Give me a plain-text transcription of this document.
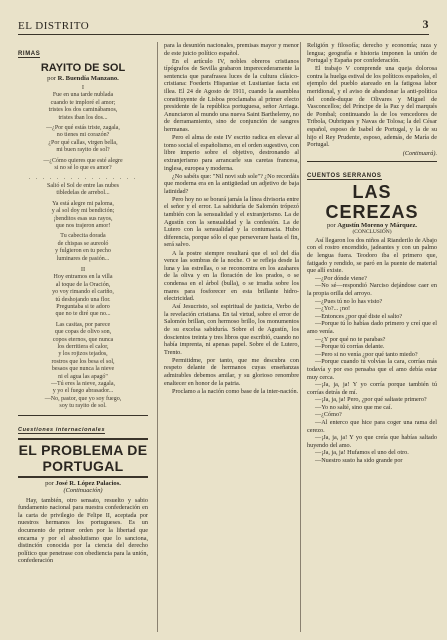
EL DISTRITO	3
RIMAS
RAYITO DE SOL
por R. Buendía Manzano.
I
Fue en una tarde nublada
cuando te imploré el amor;
tristes los dos caminábamos,
tristes iban los dos...
—¿Por qué estás triste, zagala,
no tienes mi corazón?
¿Por qué callas, virgen bella,
mi buen rayito de sol?
—¿Cómo quieres que esté alegre
si no sé lo que es amor?
. . . . . . . . . . . . . . . .
Salió el Sol de entre las nubes
tibledelas de arrebol...
Ya está alegre mi paloma,
y al sol doy mi bendición;
¡benditos esas sus rayos,
que nos trajeron amor!
Tu cabecita dorada
de chispas se aureoló
y fulgieron en tu pecho
luminares de pasión...
II
Hoy entramos en la villa
al toque de la Oración,
yo voy rimando el cariño,
tú deshojando una flor.
Preguntaba si te adoro
que no te diré que no...
Las casitas, por parece
que copas de olivo son,
copos eternos, que nunca
los derritiera el calor,
y los rojizos tejados,
rostros que los besa el sol,
besaos que nunca la nieve
ni el agua las apagó"
—Tú eres la nieve, zagala,
y yo el fuego abrasador...
—No, pastor, que yo soy fuego,
soy tu rayito de sol.
Cuestiones internacionales
EL PROBLEMA DE PORTUGAL
por José R. López Palacios.
(Continuación)

Hay, también, otro sensato, resuelto y sabio fundamento nacional para nuestra confederación en la carta de privilegio de Felipe II, aceptada por nuestros hermanos los portugueses. Es un documento de primer orden por la libertad que encarna y por el absolutismo que lo sanciona, distinción conocida por la ciencia del derecho político que penetrase con obediencia para la unión, confederación

para la desunión nacionales, premisas mayor y menor de este juicio político español.

En el artículo IV, nobles obreros cristianos típógrafos de Sevilla grabaron imperecederamente la sentencia que parafrasea luces de la cultura clásico-cristiana: Foederis Hispaniae et Lusitaniae facta est illea. El 24 de Agosto de 1911, cuando la asamblea constituyente de Lisboa proclamaba al primer electo presidente de la república portuguesa, señor Arriaga. Anunciaron al mundo una nueva Saint Barthelemy, no de derramamiento, sino de conjunción de sangres hermanas.

Pero el alma de este IV escrito radica en elevar al tomo social el españolismo, en el orden sugestivo, con libre imperio sobre el objetivo, destronando al extranjerismo para arrancarle sus caretas francesa, inglesa, europea y moderna.

¿No sabéis que: "Nil novi sub sole"? ¿No recordáis que moderna era en la antigüedad un adjetivo de baja latinidad?

Pero hoy no se borará jamás la línea divisoria entre el señor y el error. La sabiduría de Salomón trópezó también con la sensualidad y el extranjerismo. La de Agustín con la sensualidad y la confesión. La de Lutero con la sensualidad y la contumacia. Hubo diferencia, porque sólo el que perseverare hasta el fin, será salvo.

A la postre siempre resultará que el sol del día vence las sombras de la noche. O se refleja desde la luna y las estrellas, o se reconcentra en los azahares de la oliva y en la floración de los prados, o se condensa en el árbol (bulla), o se irradia sobre los mares para fosforecer en esta brillante hidro-electricidad.

Así Jesucristo, sol espiritual de justicia, Verbo de la revelación cristiana. En tal virtud, sobre el error de Salomón brillan, con hermoso brillo, los monumentos de su excelsa sabiduría. Sobre el de Agustín, los doscientos treinta y tres libros que escribió, cuando no había imprenta, ni apenas papel. Sobre el de Lutero, Trento.

Permitidme, por tanto, que me descubra con respeto delante de hermanos cuyas enseñanzas admirables debemos amilar, y su glorioso renombre enaltecer en honor de la patria.

Proclamo a la nación como base de la inter-nación.

Religión y filosofía; derecho y economía; raza y lengua; geografía e historia imponen la unión de Portugal y España por confederación.

El trabajo V comprende una queja dolorosa contra la huelga estival de los políticos españoles, el ejemplo del pueblo atareado en la fatigosa labor meridional, y el aviso de abandonar la anti-política del conde-duque de Olivares y Miguel de Vasconcellos; del Príncipe de la Paz y del marqués de Pombal; continuando la de los vencedores de Tribola, Oubriques y Navas de Tolosa; la del César español, esposo de Isabel de Portugal, y la de su hijo el Rey Prudente, esposo, además, de María de Portugal.

(Continuará).
CUENTOS SERRANOS
LAS CEREZAS
por Agustín Moreno y Márquez.
(CONCLUSIÓN)

Así llegaron los dos niños al Rianderilo de Abajo con el rostro encendido, jadeantes y con un palmo de lengua fuera. Teodoro iba el primero que, fatigado y rendido, se paró en la puente de material que allí existe.

—¿Por dónde viene?

—No sé—respondió Narciso dejándose caer en la propia orilla del arroyo.

—¿Pues tú no lo has visto?

—¿Yo?... ¡no!

—Entonces ¿por qué diste el salto?

—Porque tú lo habías dado primero y creí que el amo venía.

—¿Y por qué no te parabas?

—Porque tú corrías delante.

—Pero si no venía ¿por qué tanto miedo?

—Porque cuando tú volvías la cara, corrías más todavía y por eso pensaba que el amo debía estar muy cerca.

—¡Ja, ja, ja! Y yo corría porque también tú corrías detrás de mí.

—¡Ja, ja, ja! Pero, ¿por qué saltaste primero?

—Yo no salté, sino que me caí.

—¿Cómo?

—Al enterco que hice para coger una rama del cerezo.

—¡Ja, ja, ja! Y yo que creía que habías saltado huyendo del amo.

—¡Ja, ja, ja! Hufamos el uno del otro.

—Nuestro susto ha sido grande por
